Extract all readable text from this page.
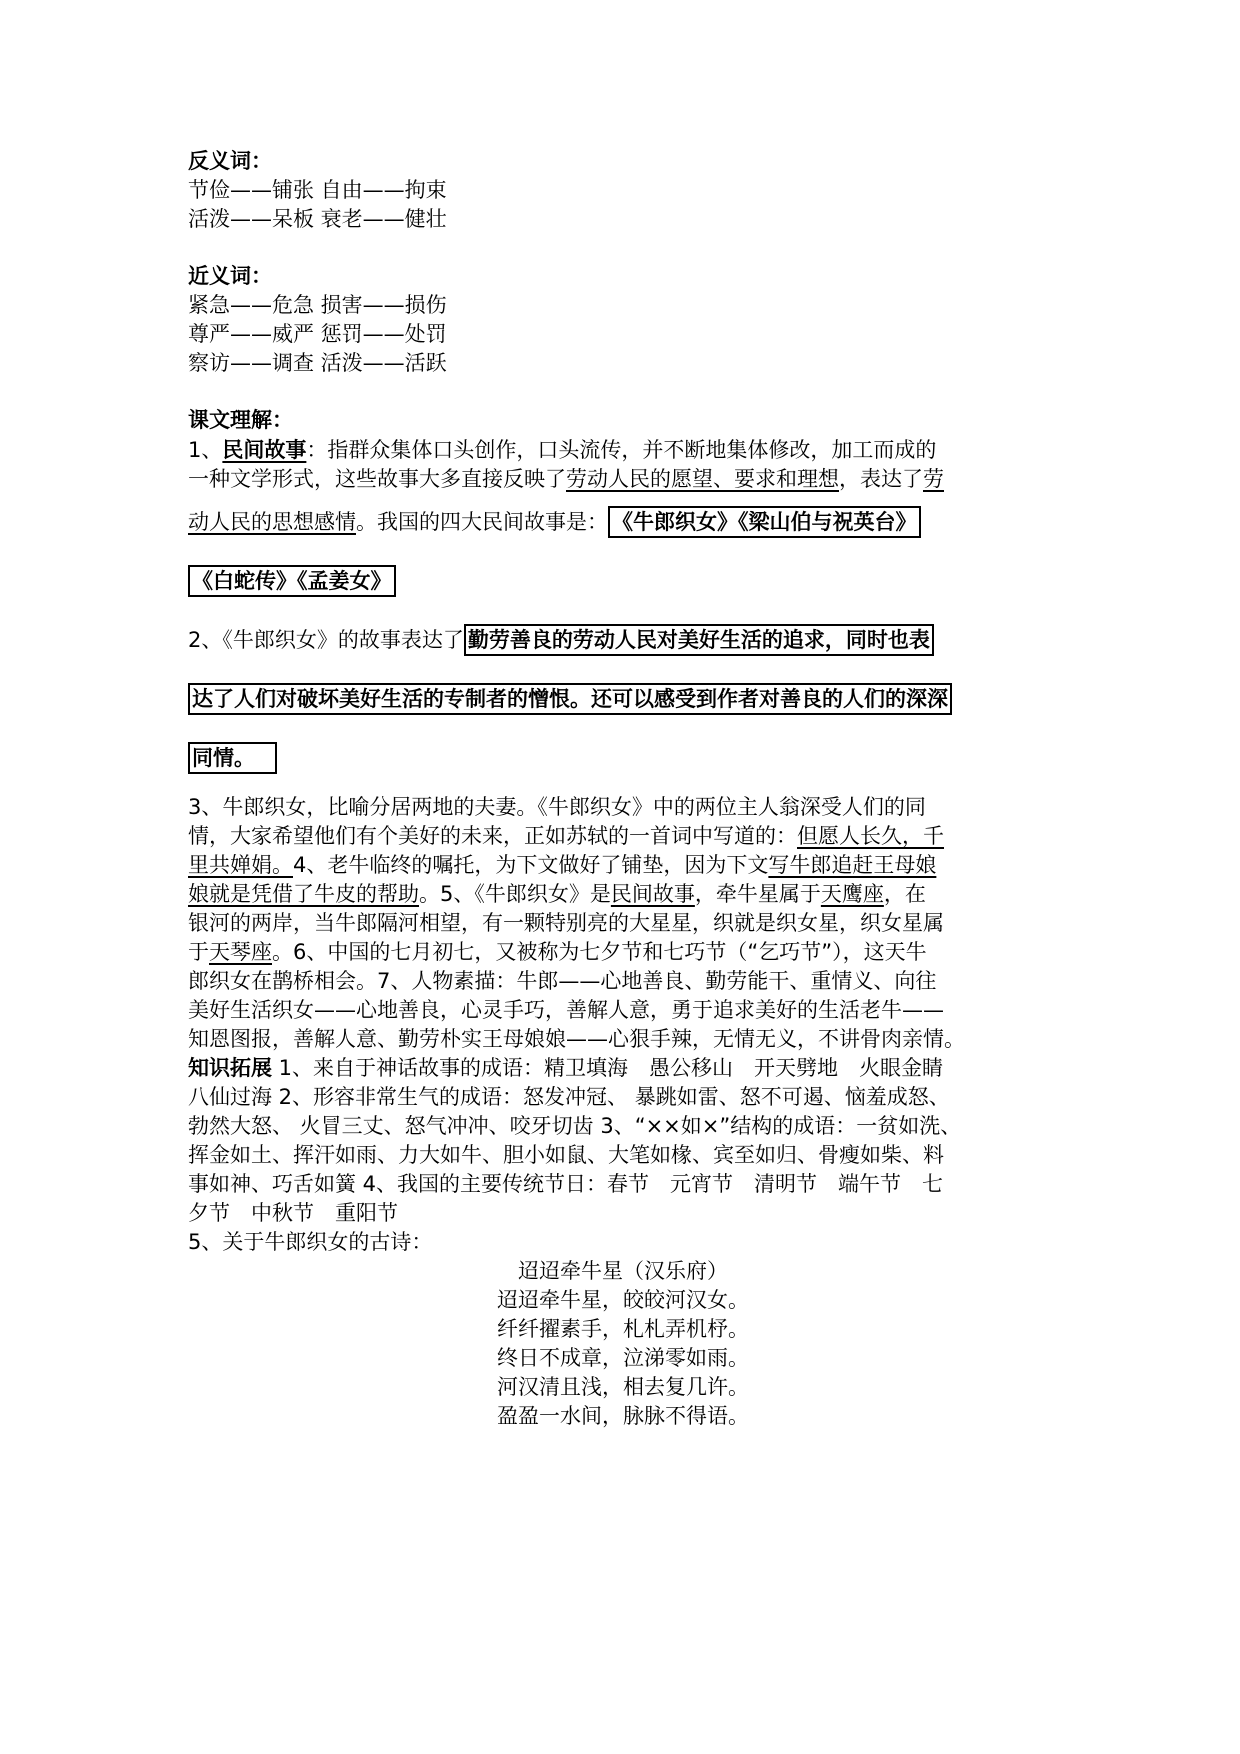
反义词：
节俭——铺张 自由——拘束
活泼——呆板 衰老——健壮
近义词：
紧急——危急 损害——损伤
尊严——威严 惩罚——处罚
察访——调查 活泼——活跃
课文理解：
1、民间故事：指群众集体口头创作，口头流传，并不断地集体修改，加工而成的
一种文学形式，这些故事大多直接反映了劳动人民的愿望、要求和理想，表达了劳
动人民的思想感情。我国的四大民间故事是： 《牛郎织女》《梁山伯与祝英台》
《白蛇传》《孟姜女》
2、《牛郎织女》的故事表达了 勤劳善良的劳动人民对美好生活的追求，同时也表
达了人们对破坏美好生活的专制者的憎恨。还可以感受到作者对善良的人们的深深
同情。
3、牛郎织女，比喻分居两地的夫妻。《牛郎织女》中的两位主人翁深受人们的同
情，大家希望他们有个美好的未来，正如苏轼的一首词中写道的：但愿人长久，千
里共婵娟。4、老牛临终的嘱托，为下文做好了铺垫，因为下文写牛郎追赶王母娘
娘就是凭借了牛皮的帮助。5、《牛郎织女》是民间故事，牵牛星属于天鹰座，在
银河的两岸，当牛郎隔河相望，有一颗特别亮的大星星，织就是织女星，织女星属
于天琴座。6、中国的七月初七，又被称为七夕节和七巧节（“乞巧节”），这天牛
郎织女在鹊桥相会。7、人物素描：牛郎——心地善良、勤劳能干、重情义、向往
美好生活织女——心地善良，心灵手巧，善解人意，勇于追求美好的生活老牛——
知恩图报，善解人意、勤劳朴实王母娘娘——心狠手辣，无情无义，不讲骨肉亲情。
知识拓展 1、来自于神话故事的成语：精卫填海　愚公移山　开天劈地　火眼金睛
八仙过海 2、形容非常生气的成语：怒发冲冠、 暴跳如雷、怒不可遏、恼羞成怒、
勃然大怒、 火冒三丈、怒气冲冲、咬牙切齿 3、“××如×”结构的成语：一贫如洗、
挥金如土、挥汗如雨、力大如牛、胆小如鼠、大笔如椽、宾至如归、骨瘦如柴、料
事如神、巧舌如簧 4、我国的主要传统节日：春节　元宵节　清明节　端午节　七
夕节　中秋节　重阳节
5、关于牛郎织女的古诗：
迢迢牵牛星（汉乐府）
迢迢牵牛星，皎皎河汉女。
纤纤擢素手，札札弄机杼。
终日不成章，泣涕零如雨。
河汉清且浅，相去复几许。
盈盈一水间，脉脉不得语。
